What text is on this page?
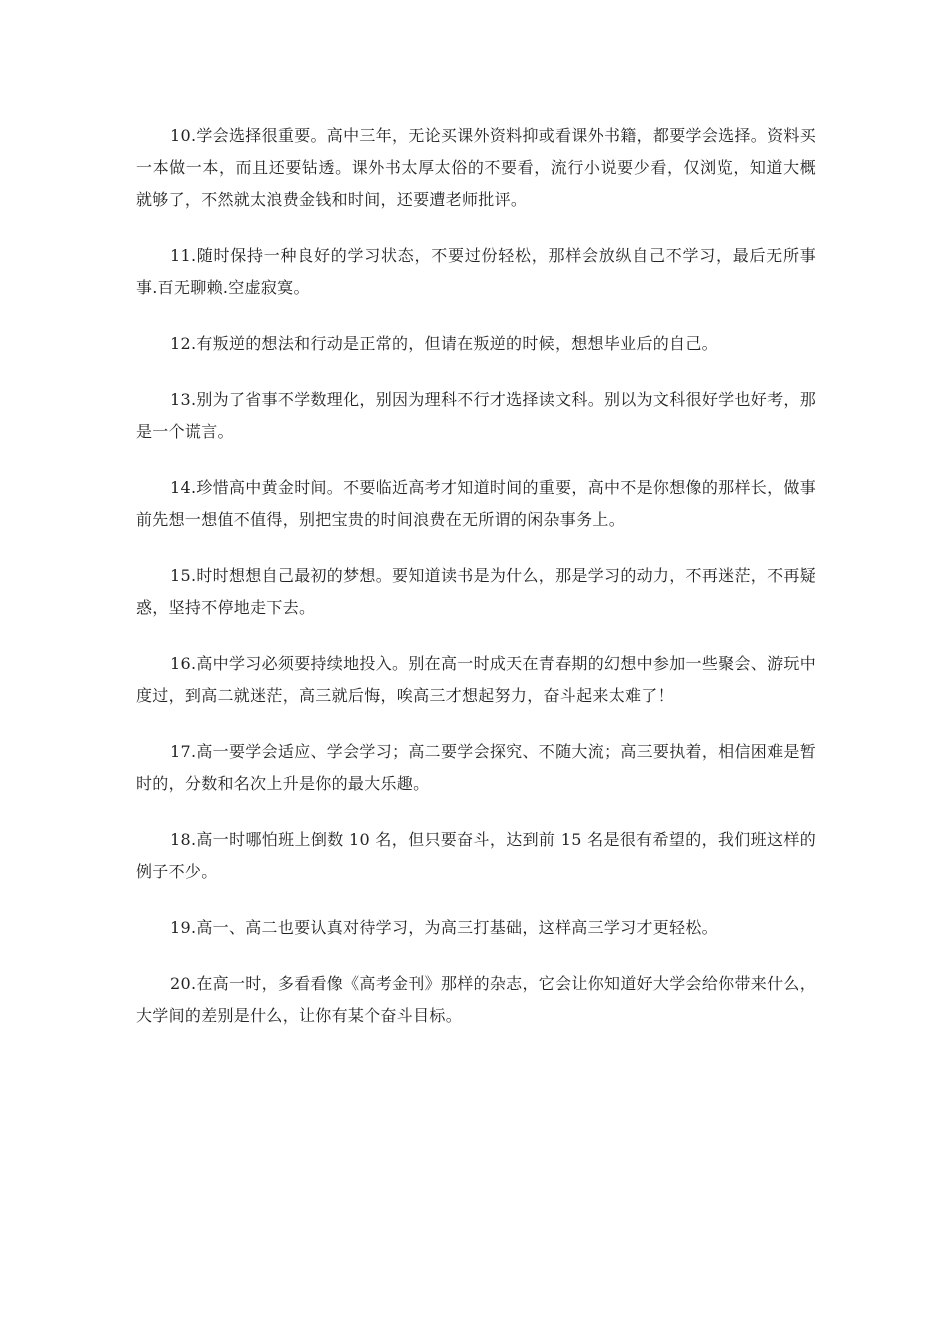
10.学会选择很重要。高中三年，无论买课外资料抑或看课外书籍，都要学会选择。资料买一本做一本，而且还要钻透。课外书太厚太俗的不要看，流行小说要少看，仅浏览，知道大概就够了，不然就太浪费金钱和时间，还要遭老师批评。

11.随时保持一种良好的学习状态，不要过份轻松，那样会放纵自己不学习，最后无所事事.百无聊赖.空虚寂寞。

12.有叛逆的想法和行动是正常的，但请在叛逆的时候，想想毕业后的自己。

13.别为了省事不学数理化，别因为理科不行才选择读文科。别以为文科很好学也好考，那是一个谎言。

14.珍惜高中黄金时间。不要临近高考才知道时间的重要，高中不是你想像的那样长，做事前先想一想值不值得，别把宝贵的时间浪费在无所谓的闲杂事务上。

15.时时想想自己最初的梦想。要知道读书是为什么，那是学习的动力，不再迷茫，不再疑惑，坚持不停地走下去。

16.高中学习必须要持续地投入。别在高一时成天在青春期的幻想中参加一些聚会、游玩中度过，到高二就迷茫，高三就后悔，唉高三才想起努力，奋斗起来太难了！

17.高一要学会适应、学会学习；高二要学会探究、不随大流；高三要执着，相信困难是暂时的，分数和名次上升是你的最大乐趣。

18.高一时哪怕班上倒数 10 名，但只要奋斗，达到前 15 名是很有希望的，我们班这样的例子不少。

19.高一、高二也要认真对待学习，为高三打基础，这样高三学习才更轻松。

20.在高一时，多看看像《高考金刊》那样的杂志，它会让你知道好大学会给你带来什么，大学间的差别是什么，让你有某个奋斗目标。
